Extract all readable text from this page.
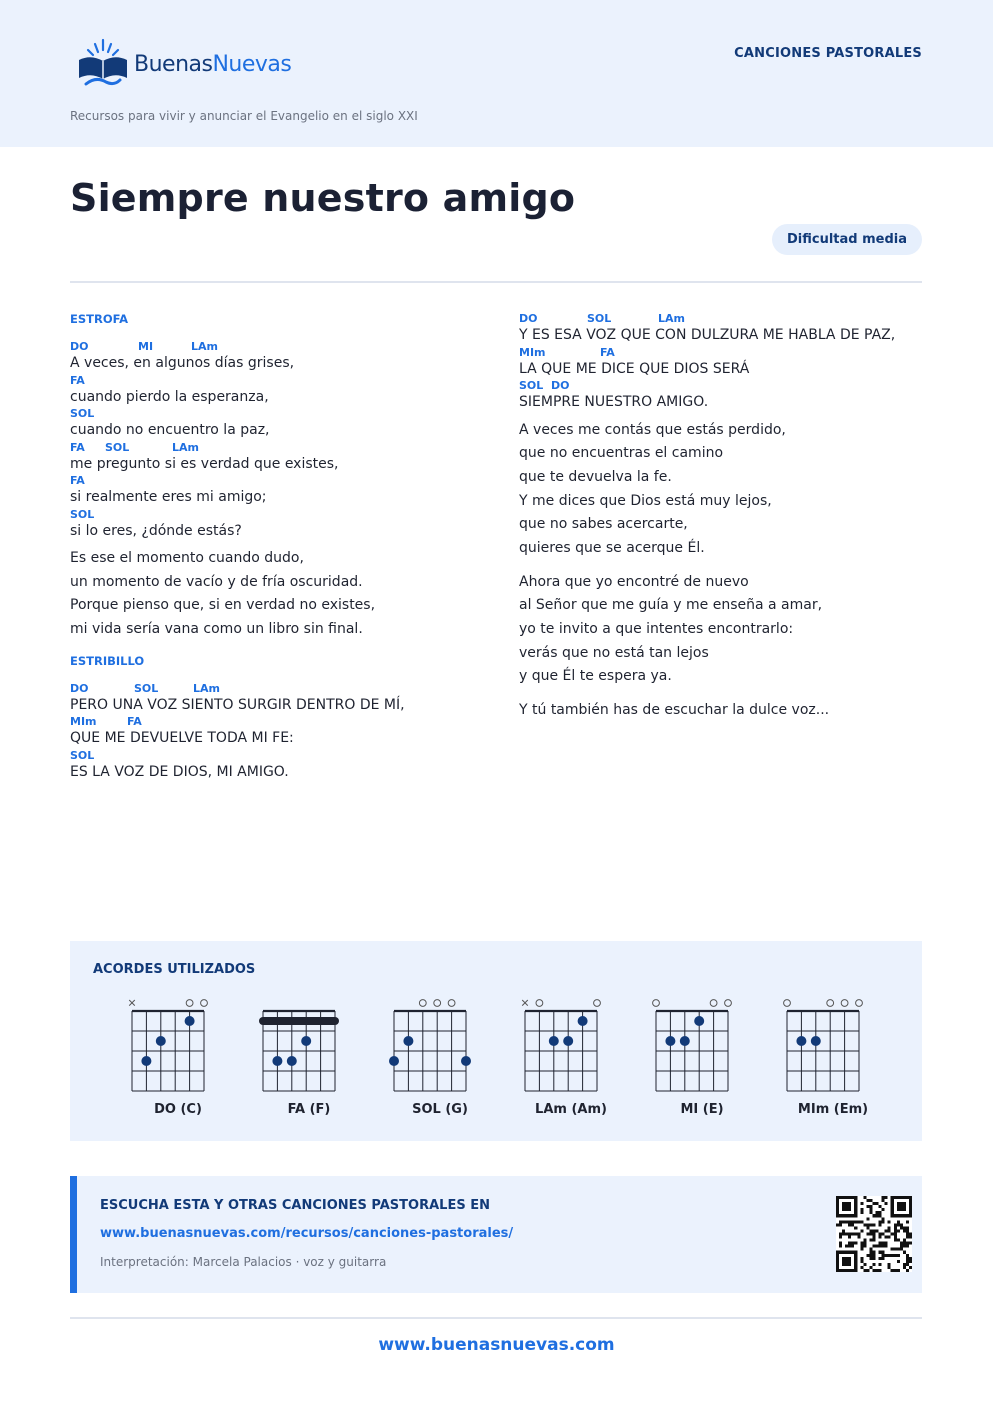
BuenasNuevas	CANCIONES PASTORALES
Recursos para vivir y anunciar el Evangelio en el siglo XXI
Siempre nuestro amigo
Dificultad media
ESTROFA
DO	MI	LAm
A veces, en algunos días grises,
FA
cuando pierdo la esperanza,
SOL
cuando no encuentro la paz,
FA SOL	LAm
me pregunto si es verdad que existes,
FA
si realmente eres mi amigo;
SOL
si lo eres, ¿dónde estás?
Es ese el momento cuando dudo,
un momento de vacío y de fría oscuridad.
Porque pienso que, si en verdad no existes,
mi vida sería vana como un libro sin final.
ESTRIBILLO
DO	SOL	LAm
PERO UNA VOZ SIENTO SURGIR DENTRO DE MÍ,
MIm	FA
QUE ME DEVUELVE TODA MI FE:
SOL
ES LA VOZ DE DIOS, MI AMIGO.
DO	SOL	LAm
Y ES ESA VOZ QUE CON DULZURA ME HABLA DE PAZ,
MIm	FA
LA QUE ME DICE QUE DIOS SERÁ
SOL DO
SIEMPRE NUESTRO AMIGO.
A veces me contás que estás perdido,
que no encuentras el camino
que te devuelva la fe.
Y me dices que Dios está muy lejos,
que no sabes acercarte,
quieres que se acerque Él.
Ahora que yo encontré de nuevo
al Señor que me guía y me enseña a amar,
yo te invito a que intentes encontrarlo:
verás que no está tan lejos
y que Él te espera ya.
Y tú también has de escuchar la dulce voz...
ACORDES UTILIZADOS
DO (C)	FA (F)	SOL (G)	LAm (Am)	MI (E)	MIm (Em)
ESCUCHA ESTA Y OTRAS CANCIONES PASTORALES EN
www.buenasnuevas.com/recursos/canciones-pastorales/
Interpretación: Marcela Palacios · voz y guitarra
www.buenasnuevas.com
